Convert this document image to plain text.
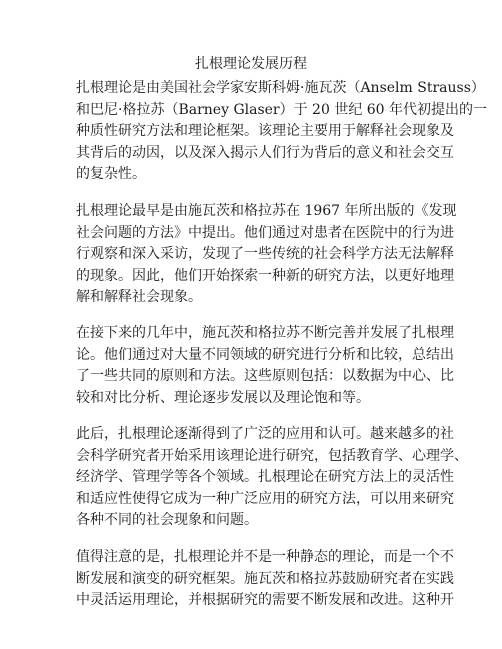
扎根理论发展历程
扎根理论是由美国社会学家安斯科姆·施瓦茨（Anselm Strauss）
和巴尼·格拉苏（Barney Glaser）于 20 世纪 60 年代初提出的一
种质性研究方法和理论框架。该理论主要用于解释社会现象及
其背后的动因，以及深入揭示人们行为背后的意义和社会交互
的复杂性。
扎根理论最早是由施瓦茨和格拉苏在 1967 年所出版的《发现
社会问题的方法》中提出。他们通过对患者在医院中的行为进
行观察和深入采访，发现了一些传统的社会科学方法无法解释
的现象。因此，他们开始探索一种新的研究方法，以更好地理
解和解释社会现象。
在接下来的几年中，施瓦茨和格拉苏不断完善并发展了扎根理
论。他们通过对大量不同领域的研究进行分析和比较，总结出
了一些共同的原则和方法。这些原则包括：以数据为中心、比
较和对比分析、理论逐步发展以及理论饱和等。
此后，扎根理论逐渐得到了广泛的应用和认可。越来越多的社
会科学研究者开始采用该理论进行研究，包括教育学、心理学、
经济学、管理学等各个领域。扎根理论在研究方法上的灵活性
和适应性使得它成为一种广泛应用的研究方法，可以用来研究
各种不同的社会现象和问题。
值得注意的是，扎根理论并不是一种静态的理论，而是一个不
断发展和演变的研究框架。施瓦茨和格拉苏鼓励研究者在实践
中灵活运用理论，并根据研究的需要不断发展和改进。这种开
